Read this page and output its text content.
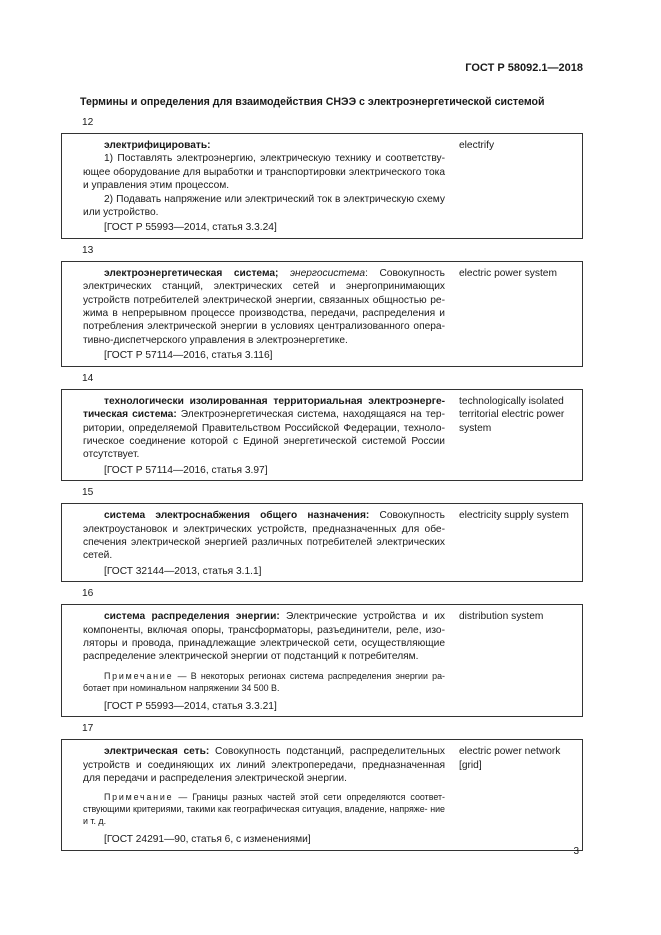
ГОСТ Р 58092.1—2018
Термины и определения для взаимодействия СНЭЭ с электроэнергетической системой
12

электрифицировать:

1) Поставлять электроэнергию, электрическую технику и соответству- ющее оборудование для выработки и транспортировки электрического тока и управления этим процессом.

2) Подавать напряжение или электрический ток в электрическую схему или устройство.

[ГОСТ Р 55993—2014, статья 3.3.24]

electrify
13

электроэнергетическая система; энергосистема: Совокупность электрических станций, электрических сетей и энергопринимающих устройств потребителей электрической энергии, связанных общностью ре- жима в непрерывном процессе производства, передачи, распределения и потребления электрической энергии в условиях централизованного опера- тивно-диспетчерского управления в электроэнергетике.

[ГОСТ Р 57114—2016, статья 3.116]

electric power system
14

технологически изолированная территориальная электроэнерге- тическая система: Электроэнергетическая система, находящаяся на тер- ритории, определяемой Правительством Российской Федерации, техноло- гическое соединение которой с Единой энергетической системой России отсутствует.

[ГОСТ Р 57114—2016, статья 3.97]

technologically isolated territorial electric power system
15

система электроснабжения общего назначения: Совокупность электроустановок и электрических устройств, предназначенных для обе- спечения электрической энергией различных потребителей электрических сетей.

[ГОСТ 32144—2013, статья 3.1.1]

electricity supply system
16

система распределения энергии: Электрические устройства и их компоненты, включая опоры, трансформаторы, разъединители, реле, изо- ляторы и провода, принадлежащие электрической сети, осуществляющие распределение электрической энергии от подстанций к потребителям.

Примечание — В некоторых регионах система распределения энергии ра- ботает при номинальном напряжении 34 500 В.

[ГОСТ Р 55993—2014, статья 3.3.21]

distribution system
17

электрическая сеть: Совокупность подстанций, распределительных устройств и соединяющих их линий электропередачи, предназначенная для передачи и распределения электрической энергии.

Примечание — Границы разных частей этой сети определяются соответ- ствующими критериями, такими как географическая ситуация, владение, напряже- ние и т. д.

[ГОСТ 24291—90, статья 6, с изменениями]

electric power network [grid]
3
